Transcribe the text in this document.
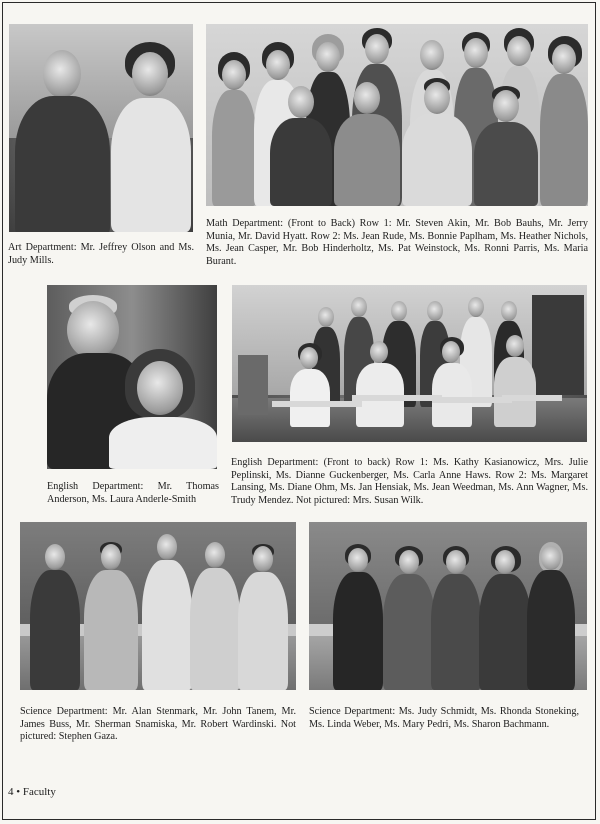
Art Department: Mr. Jeffrey Olson and Ms. Judy Mills.

Math Department: (Front to Back) Row 1: Mr. Steven Akin, Mr. Bob Bauhs, Mr. Jerry Munia, Mr. David Hyatt. Row 2: Ms. Jean Rude, Ms. Bonnie Paplham, Ms. Heather Nichols, Ms. Jean Casper, Mr. Bob Hinderholtz, Ms. Pat Weinstock, Ms. Ronni Parris, Ms. Maria Burant.

English Department: Mr. Thomas Anderson, Ms. Laura Anderle-Smith

English Department: (Front to back) Row 1: Ms. Kathy Kasianowicz, Mrs. Julie Peplinski, Ms. Dianne Guckenberger, Ms. Carla Anne Haws. Row 2: Ms. Margaret Lansing, Ms. Diane Ohm, Ms. Jan Hensiak, Ms. Jean Weedman, Ms. Ann Wagner, Ms. Trudy Mendez. Not pictured: Mrs. Susan Wilk.

Science Department: Mr. Alan Stenmark, Mr. John Tanem, Mr. James Buss, Mr. Sherman Snamiska, Mr. Robert Wardinski. Not pictured: Stephen Gaza.

Science Department: Ms. Judy Schmidt, Ms. Rhonda Stoneking, Ms. Linda Weber, Ms. Mary Pedri, Ms. Sharon Bachmann.

4 • Faculty
